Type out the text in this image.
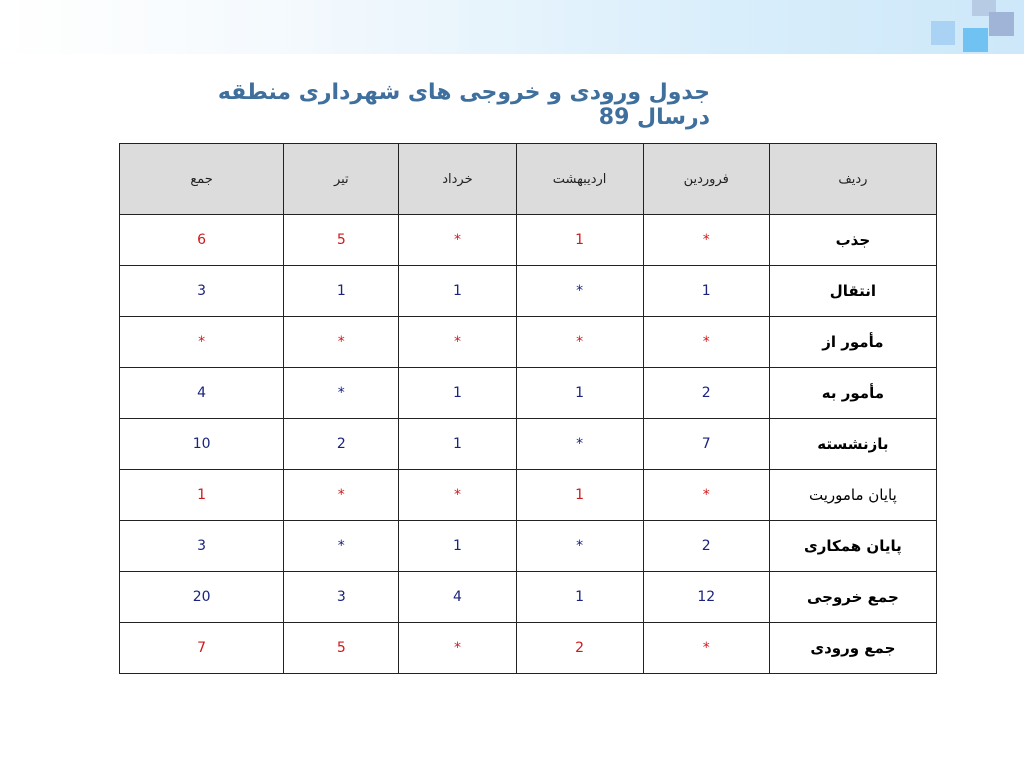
جدول ورودی و خروجی های شهرداری منطقه درسال 89
ردیف	فروردین	اردیبهشت	خرداد	تیر	جمع
جذب	*	1	*	5	6
انتقال	1	*	1	1	3
مأمور از	*	*	*	*	*
مأمور به	2	1	1	*	4
بازنشسته	7	*	1	2	10
پایان ماموریت	*	1	*	*	1
پایان همکاری	2	*	1	*	3
جمع خروجی	12	1	4	3	20
جمع ورودی	*	2	*	5	7
